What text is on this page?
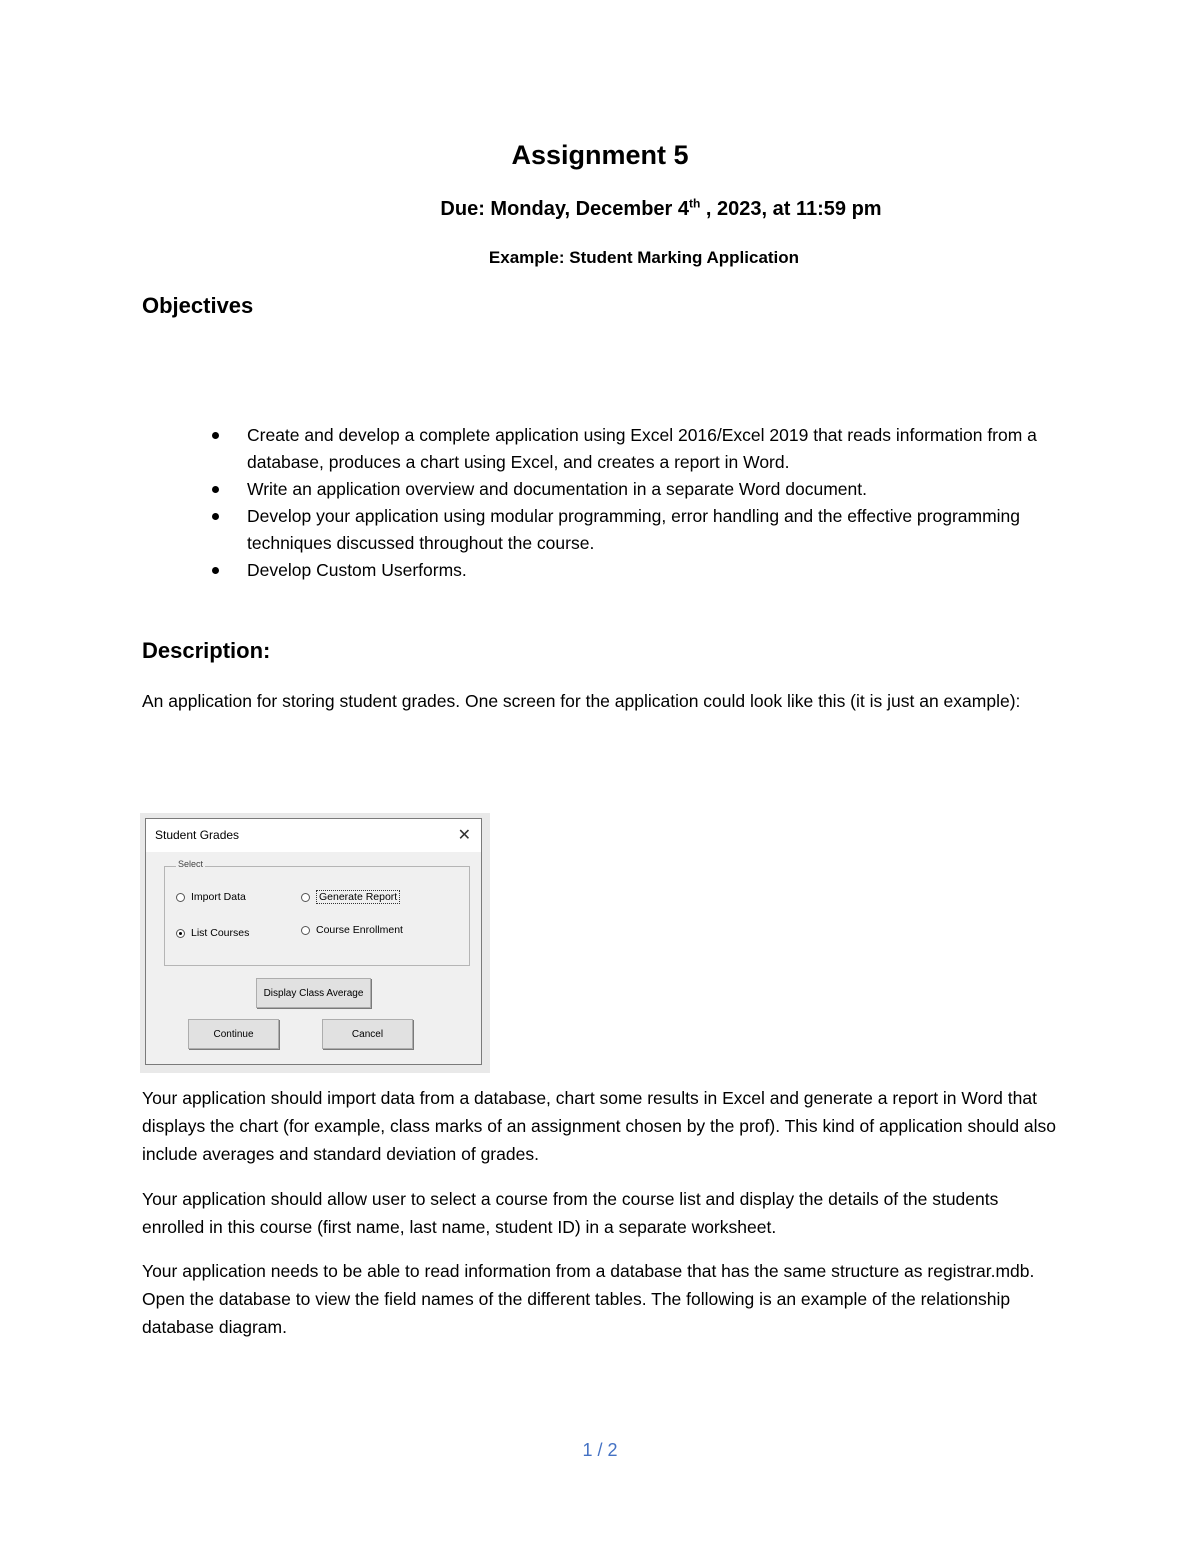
Assignment 5
Due: Monday, December 4th , 2023, at 11:59 pm
Example: Student Marking Application
Objectives
Create and develop a complete application using Excel 2016/Excel 2019 that reads information from a database, produces a chart using Excel, and creates a report in Word.
Write an application overview and documentation in a separate Word document.
Develop your application using modular programming, error handling and the effective programming techniques discussed throughout the course.
Develop Custom Userforms.
Description:

An application for storing student grades. One screen for the application could look like this (it is just an example):

Student Grades	✕
Select
Import Data
List Courses
Generate Report
Course Enrollment
Display Class Average
Continue	Cancel

Your application should import data from a database, chart some results in Excel and generate a report in Word that displays the chart (for example, class marks of an assignment chosen by the prof). This kind of application should also include averages and standard deviation of grades.

Your application should allow user to select a course from the course list and display the details of the students enrolled in this course (first name, last name, student ID) in a separate worksheet.

Your application needs to be able to read information from a database that has the same structure as registrar.mdb. Open the database to view the field names of the different tables. The following is an example of the relationship database diagram.

1 / 2
